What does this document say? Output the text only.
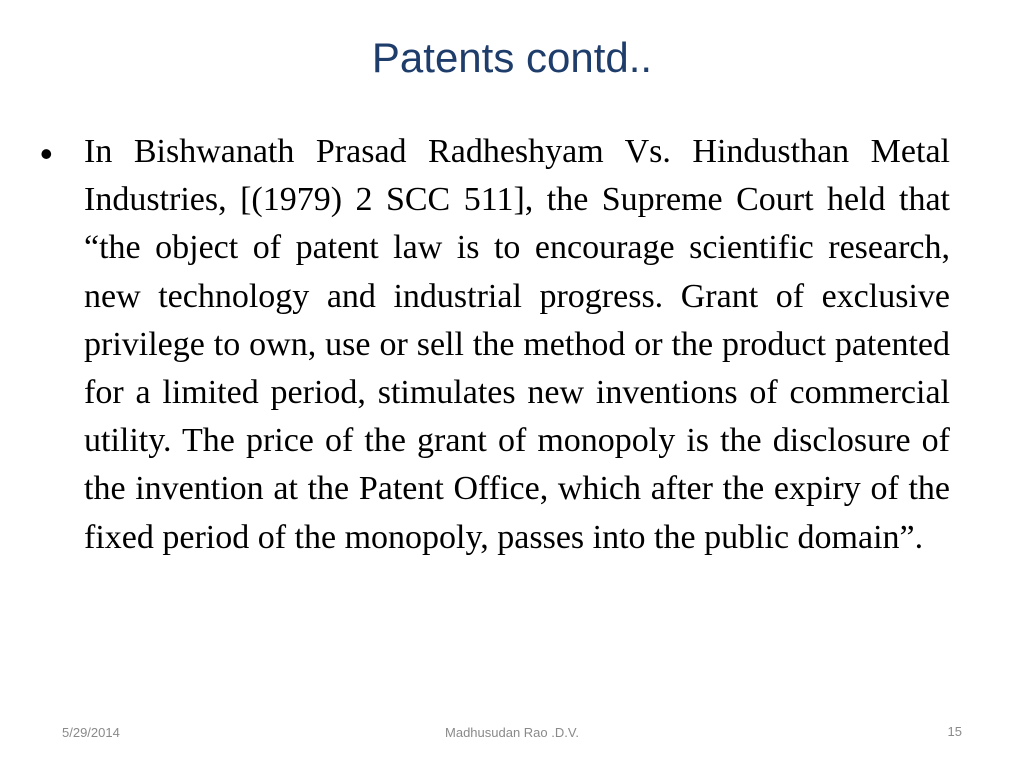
Patents contd..
• In Bishwanath Prasad Radheshyam Vs. Hindusthan Metal Industries, [(1979) 2 SCC 511], the Supreme Court held that “the object of patent law is to encourage scientific research, new technology and industrial progress. Grant of exclusive privilege to own, use or sell the method or the product patented for a limited period, stimulates new inventions of commercial utility. The price of the grant of monopoly is the disclosure of the invention at the Patent Office, which after the expiry of the fixed period of the monopoly, passes into the public domain”.
5/29/2014	Madhusudan Rao .D.V.	15
